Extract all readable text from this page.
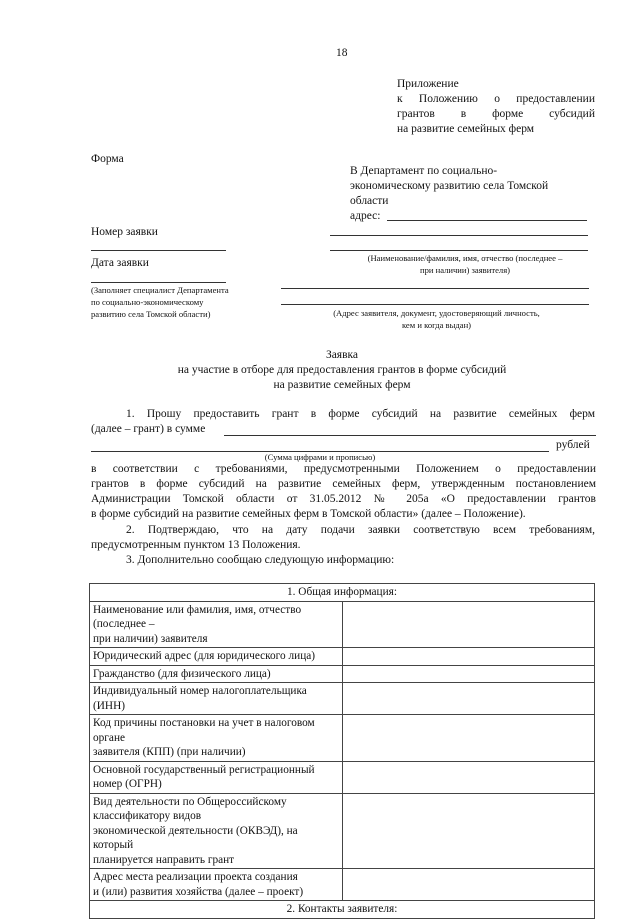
18
Приложение
к Положению о предоставлении
грантов в форме субсидий
на развитие семейных ферм
Форма
В Департамент по социально-
экономическому развитию села Томской
области
адрес:
Номер заявки
Дата заявки
(Заполняет специалист Департамента
по социально-экономическому
развитию села Томской области)
(Наименование/фамилия, имя, отчество (последнее –
при наличии) заявителя)
(Адрес заявителя, документ, удостоверяющий личность,
кем и когда выдан)
Заявка
на участие в отборе для предоставления грантов в форме субсидий
на развитие семейных ферм
1. Прошу предоставить грант в форме субсидий на развитие семейных ферм
(далее – грант) в сумме
рублей
(Сумма цифрами и прописью)
в соответствии с требованиями, предусмотренными Положением о предоставлении
грантов в форме субсидий на развитие семейных ферм, утвержденным постановлением
Администрации Томской области от 31.05.2012 № 205а «О предоставлении грантов
в форме субсидий на развитие семейных ферм в Томской области» (далее – Положение).
2. Подтверждаю, что на дату подачи заявки соответствую всем требованиям,
предусмотренным пунктом 13 Положения.
3. Дополнительно сообщаю следующую информацию:
1. Общая информация:	

Наименование или фамилия, имя, отчество (последнее –
при наличии) заявителя	

Юридический адрес (для юридического лица)	

Гражданство (для физического лица)	

Индивидуальный номер налогоплательщика (ИНН)	

Код причины постановки на учет в налоговом органе
заявителя (КПП) (при наличии)	

Основной государственный регистрационный номер (ОГРН)	

Вид деятельности по Общероссийскому классификатору видов
экономической деятельности (ОКВЭД), на который
планируется направить грант	

Адрес места реализации проекта создания
и (или) развития хозяйства (далее – проект)	

2. Контакты заявителя:	
